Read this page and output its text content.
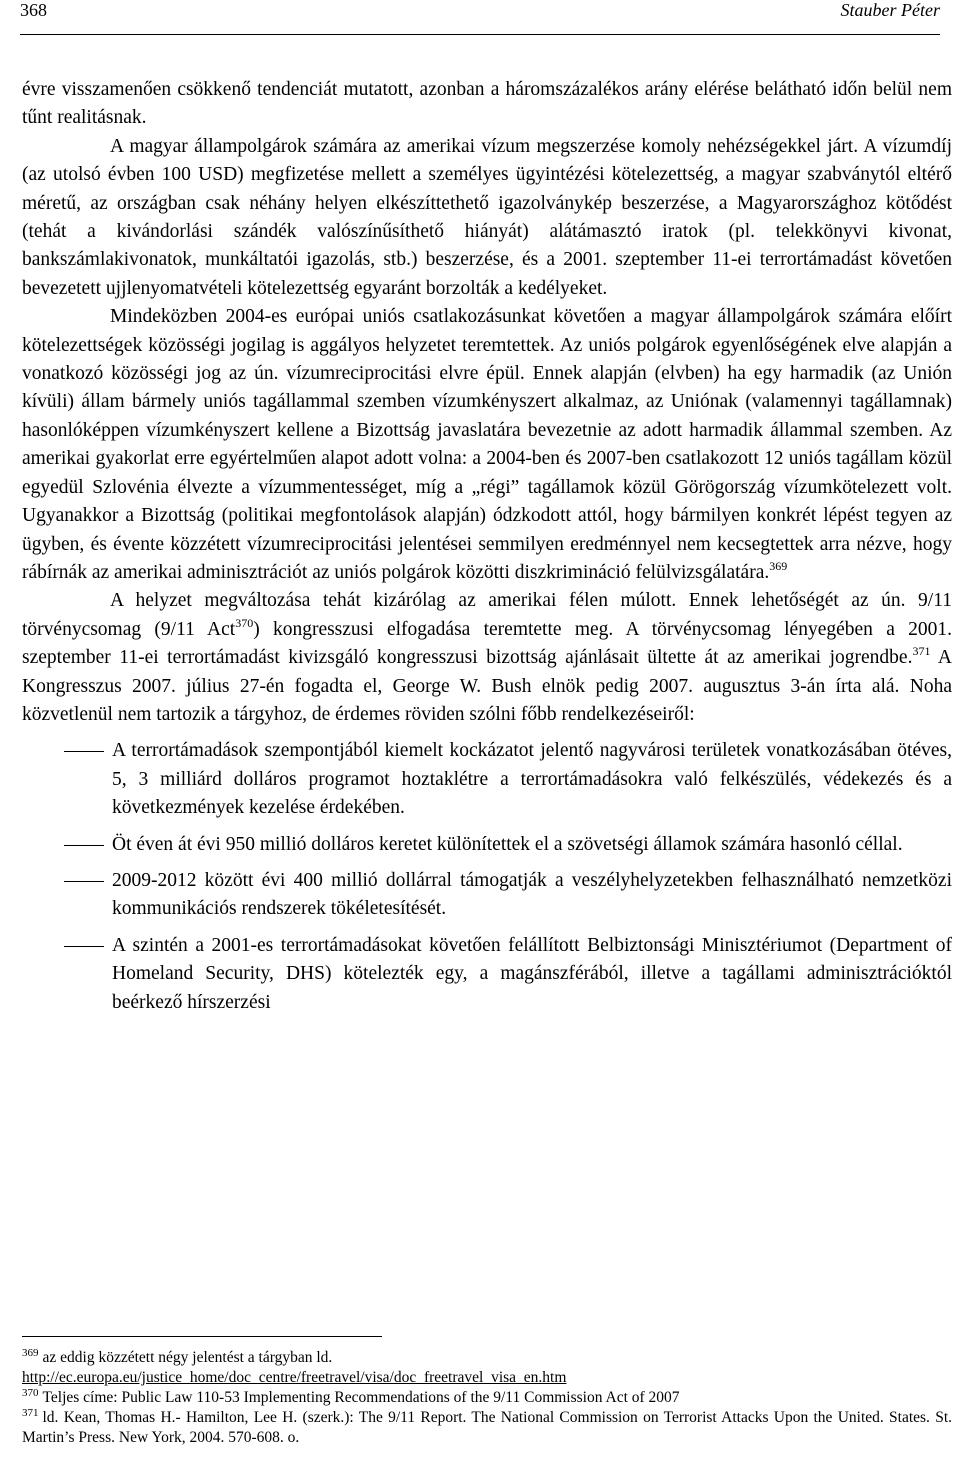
368	Stauber Péter

évre visszamenően csökkenő tendenciát mutatott, azonban a háromszázalékos arány elérése belátható időn belül nem tűnt realitásnak.

A magyar állampolgárok számára az amerikai vízum megszerzése komoly nehézségekkel járt. A vízumdíj (az utolsó évben 100 USD) megfizetése mellett a személyes ügyintézési kötelezettség, a magyar szabványtól eltérő méretű, az országban csak néhány helyen elkészíttethető igazolványkép beszerzése, a Magyarországhoz kötődést (tehát a kivándorlási szándék valószínűsíthető hiányát) alátámasztó iratok (pl. telekkönyvi kivonat, bankszámlakivonatok, munkáltatói igazolás, stb.) beszerzése, és a 2001. szeptember 11-ei terrortámadást követően bevezetett ujjlenyomatvételi kötelezettség egyaránt borzolták a kedélyeket.

Mindeközben 2004-es európai uniós csatlakozásunkat követően a magyar állampolgárok számára előírt kötelezettségek közösségi jogilag is aggályos helyzetet teremtettek. Az uniós polgárok egyenlőségének elve alapján a vonatkozó közösségi jog az ún. vízumreciprocitási elvre épül. Ennek alapján (elvben) ha egy harmadik (az Unión kívüli) állam bármely uniós tagállammal szemben vízumkényszert alkalmaz, az Uniónak (valamennyi tagállamnak) hasonlóképpen vízumkényszert kellene a Bizottság javaslatára bevezetnie az adott harmadik állammal szemben. Az amerikai gyakorlat erre egyértelműen alapot adott volna: a 2004-ben és 2007-ben csatlakozott 12 uniós tagállam közül egyedül Szlovénia élvezte a vízummentességet, míg a „régi” tagállamok közül Görögország vízumkötelezett volt. Ugyanakkor a Bizottság (politikai megfontolások alapján) ódzkodott attól, hogy bármilyen konkrét lépést tegyen az ügyben, és évente közzétett vízumreciprocitási jelentései semmilyen eredménnyel nem kecsegtettek arra nézve, hogy rábírnák az amerikai adminisztrációt az uniós polgárok közötti diszkrimináció felülvizsgálatára.$^{369}$

A helyzet megváltozása tehát kizárólag az amerikai félen múlott. Ennek lehetőségét az ún. 9/11 törvénycsomag (9/11 Act$^{370}$) kongresszusi elfogadása teremtette meg. A törvénycsomag lényegében a 2001. szeptember 11-ei terrortámadást kivizsgáló kongresszusi bizottság ajánlásait ültette át az amerikai jogrendbe.$^{371}$ A Kongresszus 2007. július 27-én fogadta el, George W. Bush elnök pedig 2007. augusztus 3-án írta alá. Noha közvetlenül nem tartozik a tárgyhoz, de érdemes röviden szólni főbb rendelkezéseiről:

A terrortámadások szempontjából kiemelt kockázatot jelentő nagyvárosi területek vonatkozásában ötéves, 5, 3 milliárd dolláros programot hoztaklétre a terrortámadásokra való felkészülés, védekezés és a következmények kezelése érdekében.
Öt éven át évi 950 millió dolláros keretet különítettek el a szövetségi államok számára hasonló céllal.
2009-2012 között évi 400 millió dollárral támogatják a veszélyhelyzetekben felhasználható nemzetközi kommunikációs rendszerek tökéletesítését.
A szintén a 2001-es terrortámadásokat követően felállított Belbiztonsági Minisztériumot (Department of Homeland Security, DHS) kötelezték egy, a magánszférából, illetve a tagállami adminisztrációktól beérkező hírszerzési

$^{369}$ az eddig közzétett négy jelentést a tárgyban ld.
http://ec.europa.eu/justice_home/doc_centre/freetravel/visa/doc_freetravel_visa_en.htm

$^{370}$ Teljes címe: Public Law 110-53 Implementing Recommendations of the 9/11 Commission Act of 2007

$^{371}$ ld. Kean, Thomas H.- Hamilton, Lee H. (szerk.): The 9/11 Report. The National Commission on Terrorist Attacks Upon the United. States. St. Martin’s Press. New York, 2004. 570-608. o.
